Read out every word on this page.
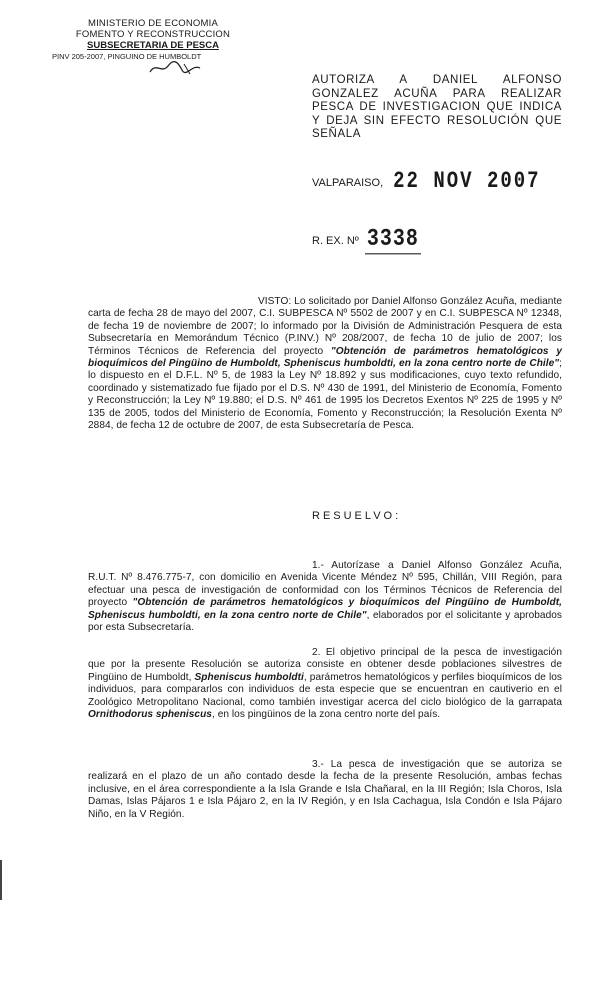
MINISTERIO DE ECONOMIA
FOMENTO Y RECONSTRUCCION
SUBSECRETARIA DE PESCA
PINV 205-2007, PINGUINO DE HUMBOLDT
AUTORIZA A DANIEL ALFONSO GONZALEZ ACUÑA PARA REALIZAR PESCA DE INVESTIGACION QUE INDICA Y DEJA SIN EFECTO RESOLUCIÓN QUE SEÑALA
VALPARAISO, 22 NOV 2007
R. EX. Nº 3338
VISTO: Lo solicitado por Daniel Alfonso González Acuña, mediante carta de fecha 28 de mayo del 2007, C.I. SUBPESCA Nº 5502 de 2007 y en C.I. SUBPESCA Nº 12348, de fecha 19 de noviembre de 2007; lo informado por la División de Administración Pesquera de esta Subsecretaría en Memorándum Técnico (P.INV.) Nº 208/2007, de fecha 10 de julio de 2007; los Términos Técnicos de Referencia del proyecto "Obtención de parámetros hematológicos y bioquímicos del Pingüino de Humboldt, Spheniscus humboldti, en la zona centro norte de Chile"; lo dispuesto en el D.F.L. Nº 5, de 1983 la Ley Nº 18.892 y sus modificaciones, cuyo texto refundido, coordinado y sistematizado fue fijado por el D.S. Nº 430 de 1991, del Ministerio de Economía, Fomento y Reconstrucción; la Ley Nº 19.880; el D.S. Nº 461 de 1995 los Decretos Exentos Nº 225 de 1995 y Nº 135 de 2005, todos del Ministerio de Economía, Fomento y Reconstrucción; la Resolución Exenta Nº 2884, de fecha 12 de octubre de 2007, de esta Subsecretaría de Pesca.
RESUELVO:
1.- Autorízase a Daniel Alfonso González Acuña, R.U.T. Nº 8.476.775-7, con domicilio en Avenida Vicente Méndez Nº 595, Chillán, VIII Región, para efectuar una pesca de investigación de conformidad con los Términos Técnicos de Referencia del proyecto "Obtención de parámetros hematológicos y bioquímicos del Pingüino de Humboldt, Spheniscus humboldti, en la zona centro norte de Chile", elaborados por el solicitante y aprobados por esta Subsecretaría.
2. El objetivo principal de la pesca de investigación que por la presente Resolución se autoriza consiste en obtener desde poblaciones silvestres de Pingüino de Humboldt, Spheniscus humboldti, parámetros hematológicos y perfiles bioquímicos de los individuos, para compararlos con individuos de esta especie que se encuentran en cautiverio en el Zoológico Metropolitano Nacional, como también investigar acerca del ciclo biológico de la garrapata Ornithodorus spheniscus, en los pingüinos de la zona centro norte del país.
3.- La pesca de investigación que se autoriza se realizará en el plazo de un año contado desde la fecha de la presente Resolución, ambas fechas inclusive, en el área correspondiente a la Isla Grande e Isla Chañaral, en la III Región; Isla Choros, Isla Damas, Islas Pájaros 1 e Isla Pájaro 2, en la IV Región, y en Isla Cachagua, Isla Condón e Isla Pájaro Niño, en la V Región.
